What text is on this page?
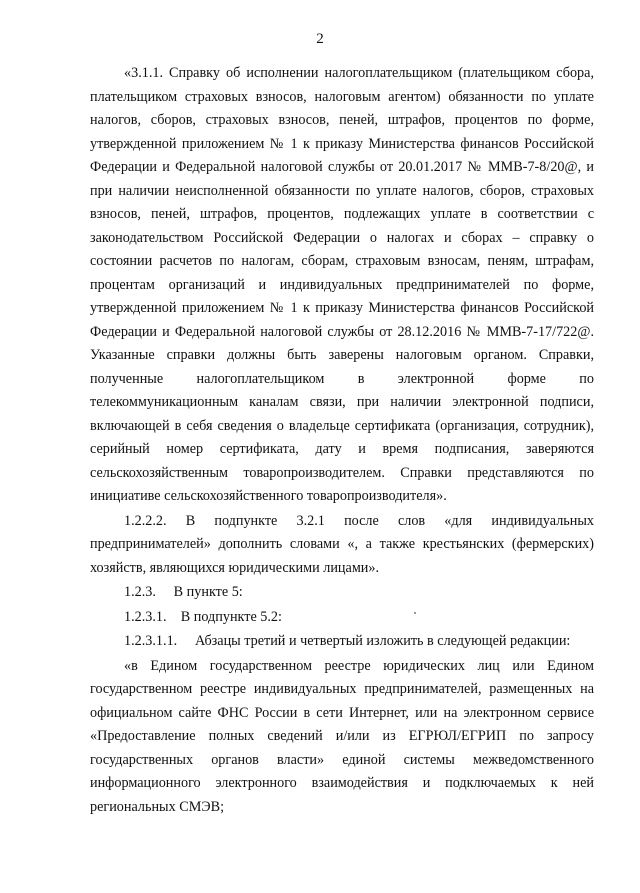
2

«3.1.1. Справку об исполнении налогоплательщиком (плательщиком сбора, плательщиком страховых взносов, налоговым агентом) обязанности по уплате налогов, сборов, страховых взносов, пеней, штрафов, процентов по форме, утвержденной приложением № 1 к приказу Министерства финансов Российской Федерации и Федеральной налоговой службы от 20.01.2017 № ММВ-7-8/20@, и при наличии неисполненной обязанности по уплате налогов, сборов, страховых взносов, пеней, штрафов, процентов, подлежащих уплате в соответствии с законодательством Российской Федерации о налогах и сборах – справку о состоянии расчетов по налогам, сборам, страховым взносам, пеням, штрафам, процентам организаций и индивидуальных предпринимателей по форме, утвержденной приложением № 1 к приказу Министерства финансов Российской Федерации и Федеральной налоговой службы от 28.12.2016 № ММВ-7-17/722@. Указанные справки должны быть заверены налоговым органом. Справки, полученные налогоплательщиком в электронной форме по телекоммуникационным каналам связи, при наличии электронной подписи, включающей в себя сведения о владельце сертификата (организация, сотрудник), серийный номер сертификата, дату и время подписания, заверяются сельскохозяйственным товаропроизводителем. Справки представляются по инициативе сельскохозяйственного товаропроизводителя».

1.2.2.2. В подпункте 3.2.1 после слов «для индивидуальных предпринимателей» дополнить словами «, а также крестьянских (фермерских) хозяйств, являющихся юридическими лицами».

1.2.3.  В пункте 5:

1.2.3.1. В подпункте 5.2:

1.2.3.1.1.  Абзацы третий и четвертый изложить в следующей редакции:

«в Едином государственном реестре юридических лиц или Едином государственном реестре индивидуальных предпринимателей, размещенных на официальном сайте ФНС России в сети Интернет, или на электронном сервисе «Предоставление полных сведений и/или из ЕГРЮЛ/ЕГРИП по запросу государственных органов власти» единой системы межведомственного информационного электронного взаимодействия и подключаемых к ней региональных СМЭВ;
